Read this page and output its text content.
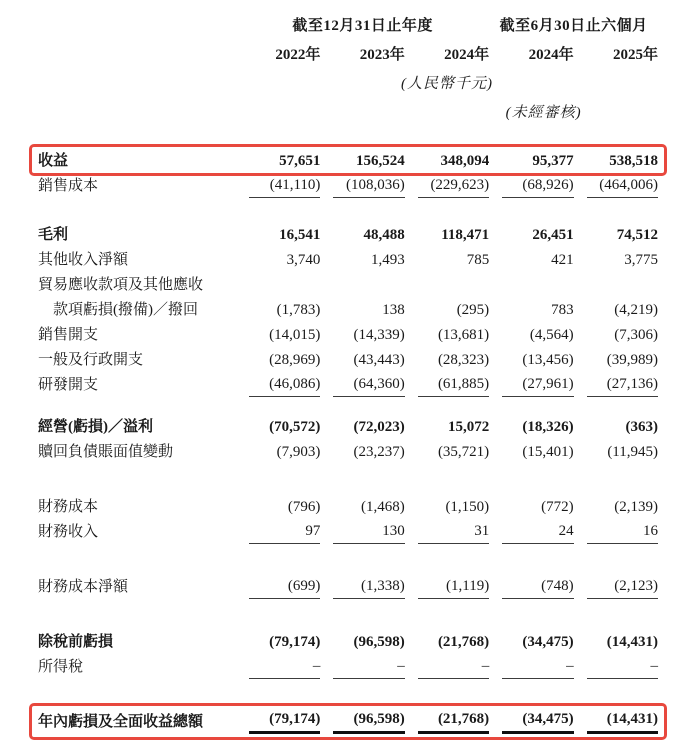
截至12月31日止年度	截至6月30日止六個月
2022年	2023年	2024年	2024年	2025年
(人民幣千元)
(未經審核)
收益	57,651	156,524	348,094	95,377	538,518
銷售成本	(41,110)	(108,036)	(229,623)	(68,926)	(464,006)
毛利	16,541	48,488	118,471	26,451	74,512
其他收入淨額	3,740	1,493	785	421	3,775
貿易應收款項及其他應收
款項虧損(撥備)／撥回	(1,783)	138	(295)	783	(4,219)
銷售開支	(14,015)	(14,339)	(13,681)	(4,564)	(7,306)
一般及行政開支	(28,969)	(43,443)	(28,323)	(13,456)	(39,989)
研發開支	(46,086)	(64,360)	(61,885)	(27,961)	(27,136)
經營(虧損)／溢利	(70,572)	(72,023)	15,072	(18,326)	(363)
贖回負債賬面值變動	(7,903)	(23,237)	(35,721)	(15,401)	(11,945)
財務成本	(796)	(1,468)	(1,150)	(772)	(2,139)
財務收入	97	130	31	24	16
財務成本淨額	(699)	(1,338)	(1,119)	(748)	(2,123)
除稅前虧損	(79,174)	(96,598)	(21,768)	(34,475)	(14,431)
所得稅	–	–	–	–	–
年內虧損及全面收益總額	(79,174)	(96,598)	(21,768)	(34,475)	(14,431)
